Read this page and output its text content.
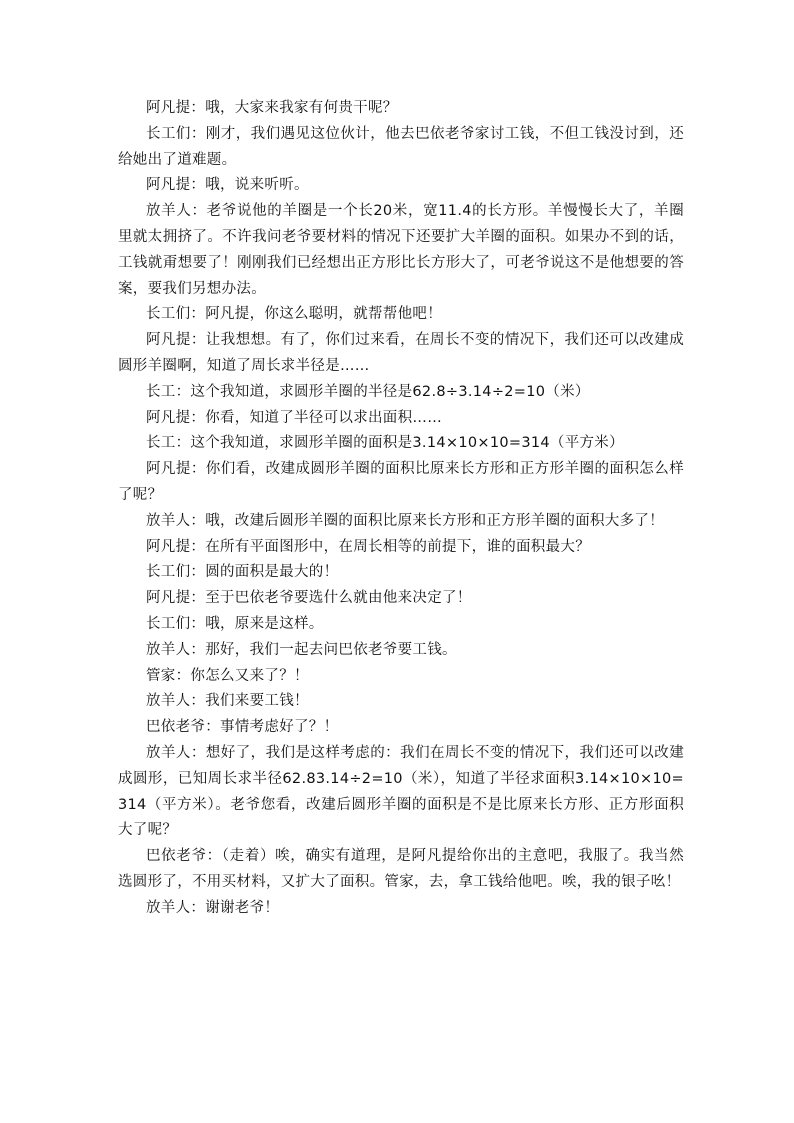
阿凡提：哦，大家来我家有何贵干呢？

长工们：刚才，我们遇见这位伙计，他去巴依老爷家讨工钱，不但工钱没讨到，还给她出了道难题。

阿凡提：哦，说来听听。

放羊人：老爷说他的羊圈是一个长20米，宽11.4的长方形。羊慢慢长大了，羊圈里就太拥挤了。不许我问老爷要材料的情况下还要扩大羊圈的面积。如果办不到的话，工钱就甭想要了！刚刚我们已经想出正方形比长方形大了，可老爷说这不是他想要的答案，要我们另想办法。

长工们：阿凡提，你这么聪明，就帮帮他吧！

阿凡提：让我想想。有了，你们过来看，在周长不变的情况下，我们还可以改建成圆形羊圈啊，知道了周长求半径是……

长工：这个我知道，求圆形羊圈的半径是62.8÷3.14÷2=10（米）

阿凡提：你看，知道了半径可以求出面积……

长工：这个我知道，求圆形羊圈的面积是3.14×10×10=314（平方米）

阿凡提：你们看，改建成圆形羊圈的面积比原来长方形和正方形羊圈的面积怎么样了呢？

放羊人：哦，改建后圆形羊圈的面积比原来长方形和正方形羊圈的面积大多了！

阿凡提：在所有平面图形中，在周长相等的前提下，谁的面积最大？

长工们：圆的面积是最大的！

阿凡提：至于巴依老爷要选什么就由他来决定了！

长工们：哦，原来是这样。

放羊人：那好，我们一起去问巴依老爷要工钱。

管家：你怎么又来了？！

放羊人：我们来要工钱！

巴依老爷：事情考虑好了？！

放羊人：想好了，我们是这样考虑的：我们在周长不变的情况下，我们还可以改建成圆形，已知周长求半径62.83.14÷2=10（米），知道了半径求面积3.14×10×10=314（平方米）。老爷您看，改建后圆形羊圈的面积是不是比原来长方形、正方形面积大了呢？

巴依老爷：（走着）唉，确实有道理，是阿凡提给你出的主意吧，我服了。我当然选圆形了，不用买材料，又扩大了面积。管家，去，拿工钱给他吧。唉，我的银子吆！

放羊人：谢谢老爷！
